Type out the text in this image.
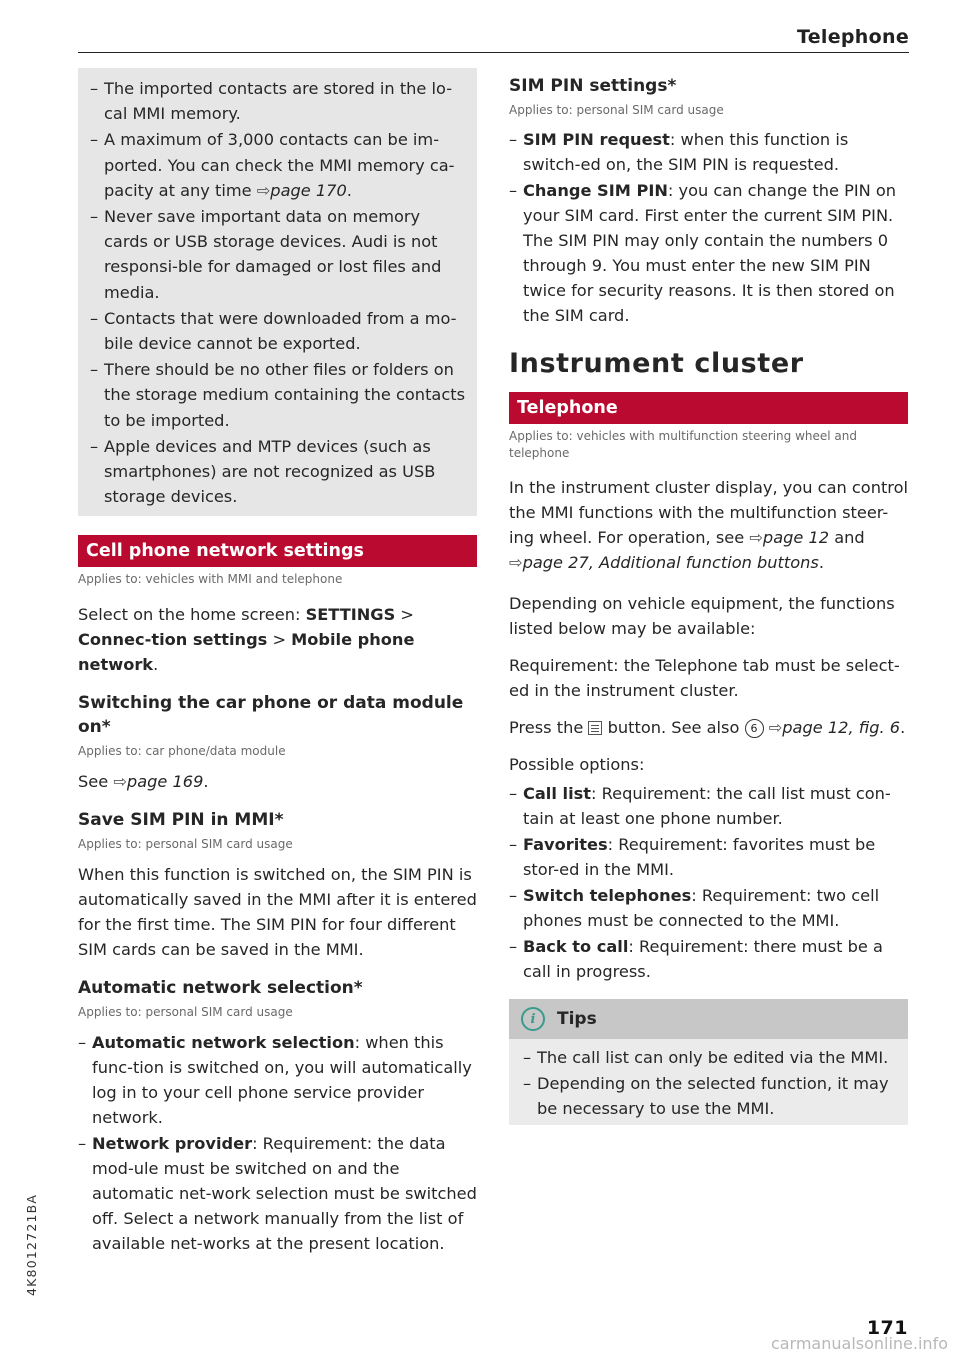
Telephone
– The imported contacts are stored in the lo-cal MMI memory.
– A maximum of 3,000 contacts can be im-ported. You can check the MMI memory ca-pacity at any time ⇨page 170.
– Never save important data on memory cards or USB storage devices. Audi is not responsi-ble for damaged or lost files and media.
– Contacts that were downloaded from a mo-bile device cannot be exported.
– There should be no other files or folders on the storage medium containing the contacts to be imported.
– Apple devices and MTP devices (such as smartphones) are not recognized as USB storage devices.
Cell phone network settings
Applies to: vehicles with MMI and telephone

Select on the home screen: SETTINGS > Connec-tion settings > Mobile phone network.

Switching the car phone or data module on*
Applies to: car phone/data module

See ⇨page 169.

Save SIM PIN in MMI*
Applies to: personal SIM card usage

When this function is switched on, the SIM PIN is automatically saved in the MMI after it is entered for the first time. The SIM PIN for four different SIM cards can be saved in the MMI.

Automatic network selection*
Applies to: personal SIM card usage
– Automatic network selection: when this func-tion is switched on, you will automatically log in to your cell phone service provider network.
– Network provider: Requirement: the data mod-ule must be switched on and the automatic net-work selection must be switched off. Select a network manually from the list of available net-works at the present location.
SIM PIN settings*
Applies to: personal SIM card usage
– SIM PIN request: when this function is switch-ed on, the SIM PIN is requested.
– Change SIM PIN: you can change the PIN on your SIM card. First enter the current SIM PIN. The SIM PIN may only contain the numbers 0 through 9. You must enter the new SIM PIN twice for security reasons. It is then stored on the SIM card.
Instrument cluster
Telephone
Applies to: vehicles with multifunction steering wheel and telephone

In the instrument cluster display, you can control the MMI functions with the multifunction steer-ing wheel. For operation, see ⇨page 12 and ⇨page 27, Additional function buttons.

Depending on vehicle equipment, the functions listed below may be available:

Requirement: the Telephone tab must be select-ed in the instrument cluster.

Press the  button. See also 6 ⇨page 12, fig. 6.

Possible options:

– Call list: Requirement: the call list must con-tain at least one phone number.
– Favorites: Requirement: favorites must be stor-ed in the MMI.
– Switch telephones: Requirement: two cell phones must be connected to the MMI.
– Back to call: Requirement: there must be a call in progress.
i	Tips
– The call list can only be edited via the MMI.
– Depending on the selected function, it may be necessary to use the MMI.
4K8012721BA
171
carmanualsonline.info
